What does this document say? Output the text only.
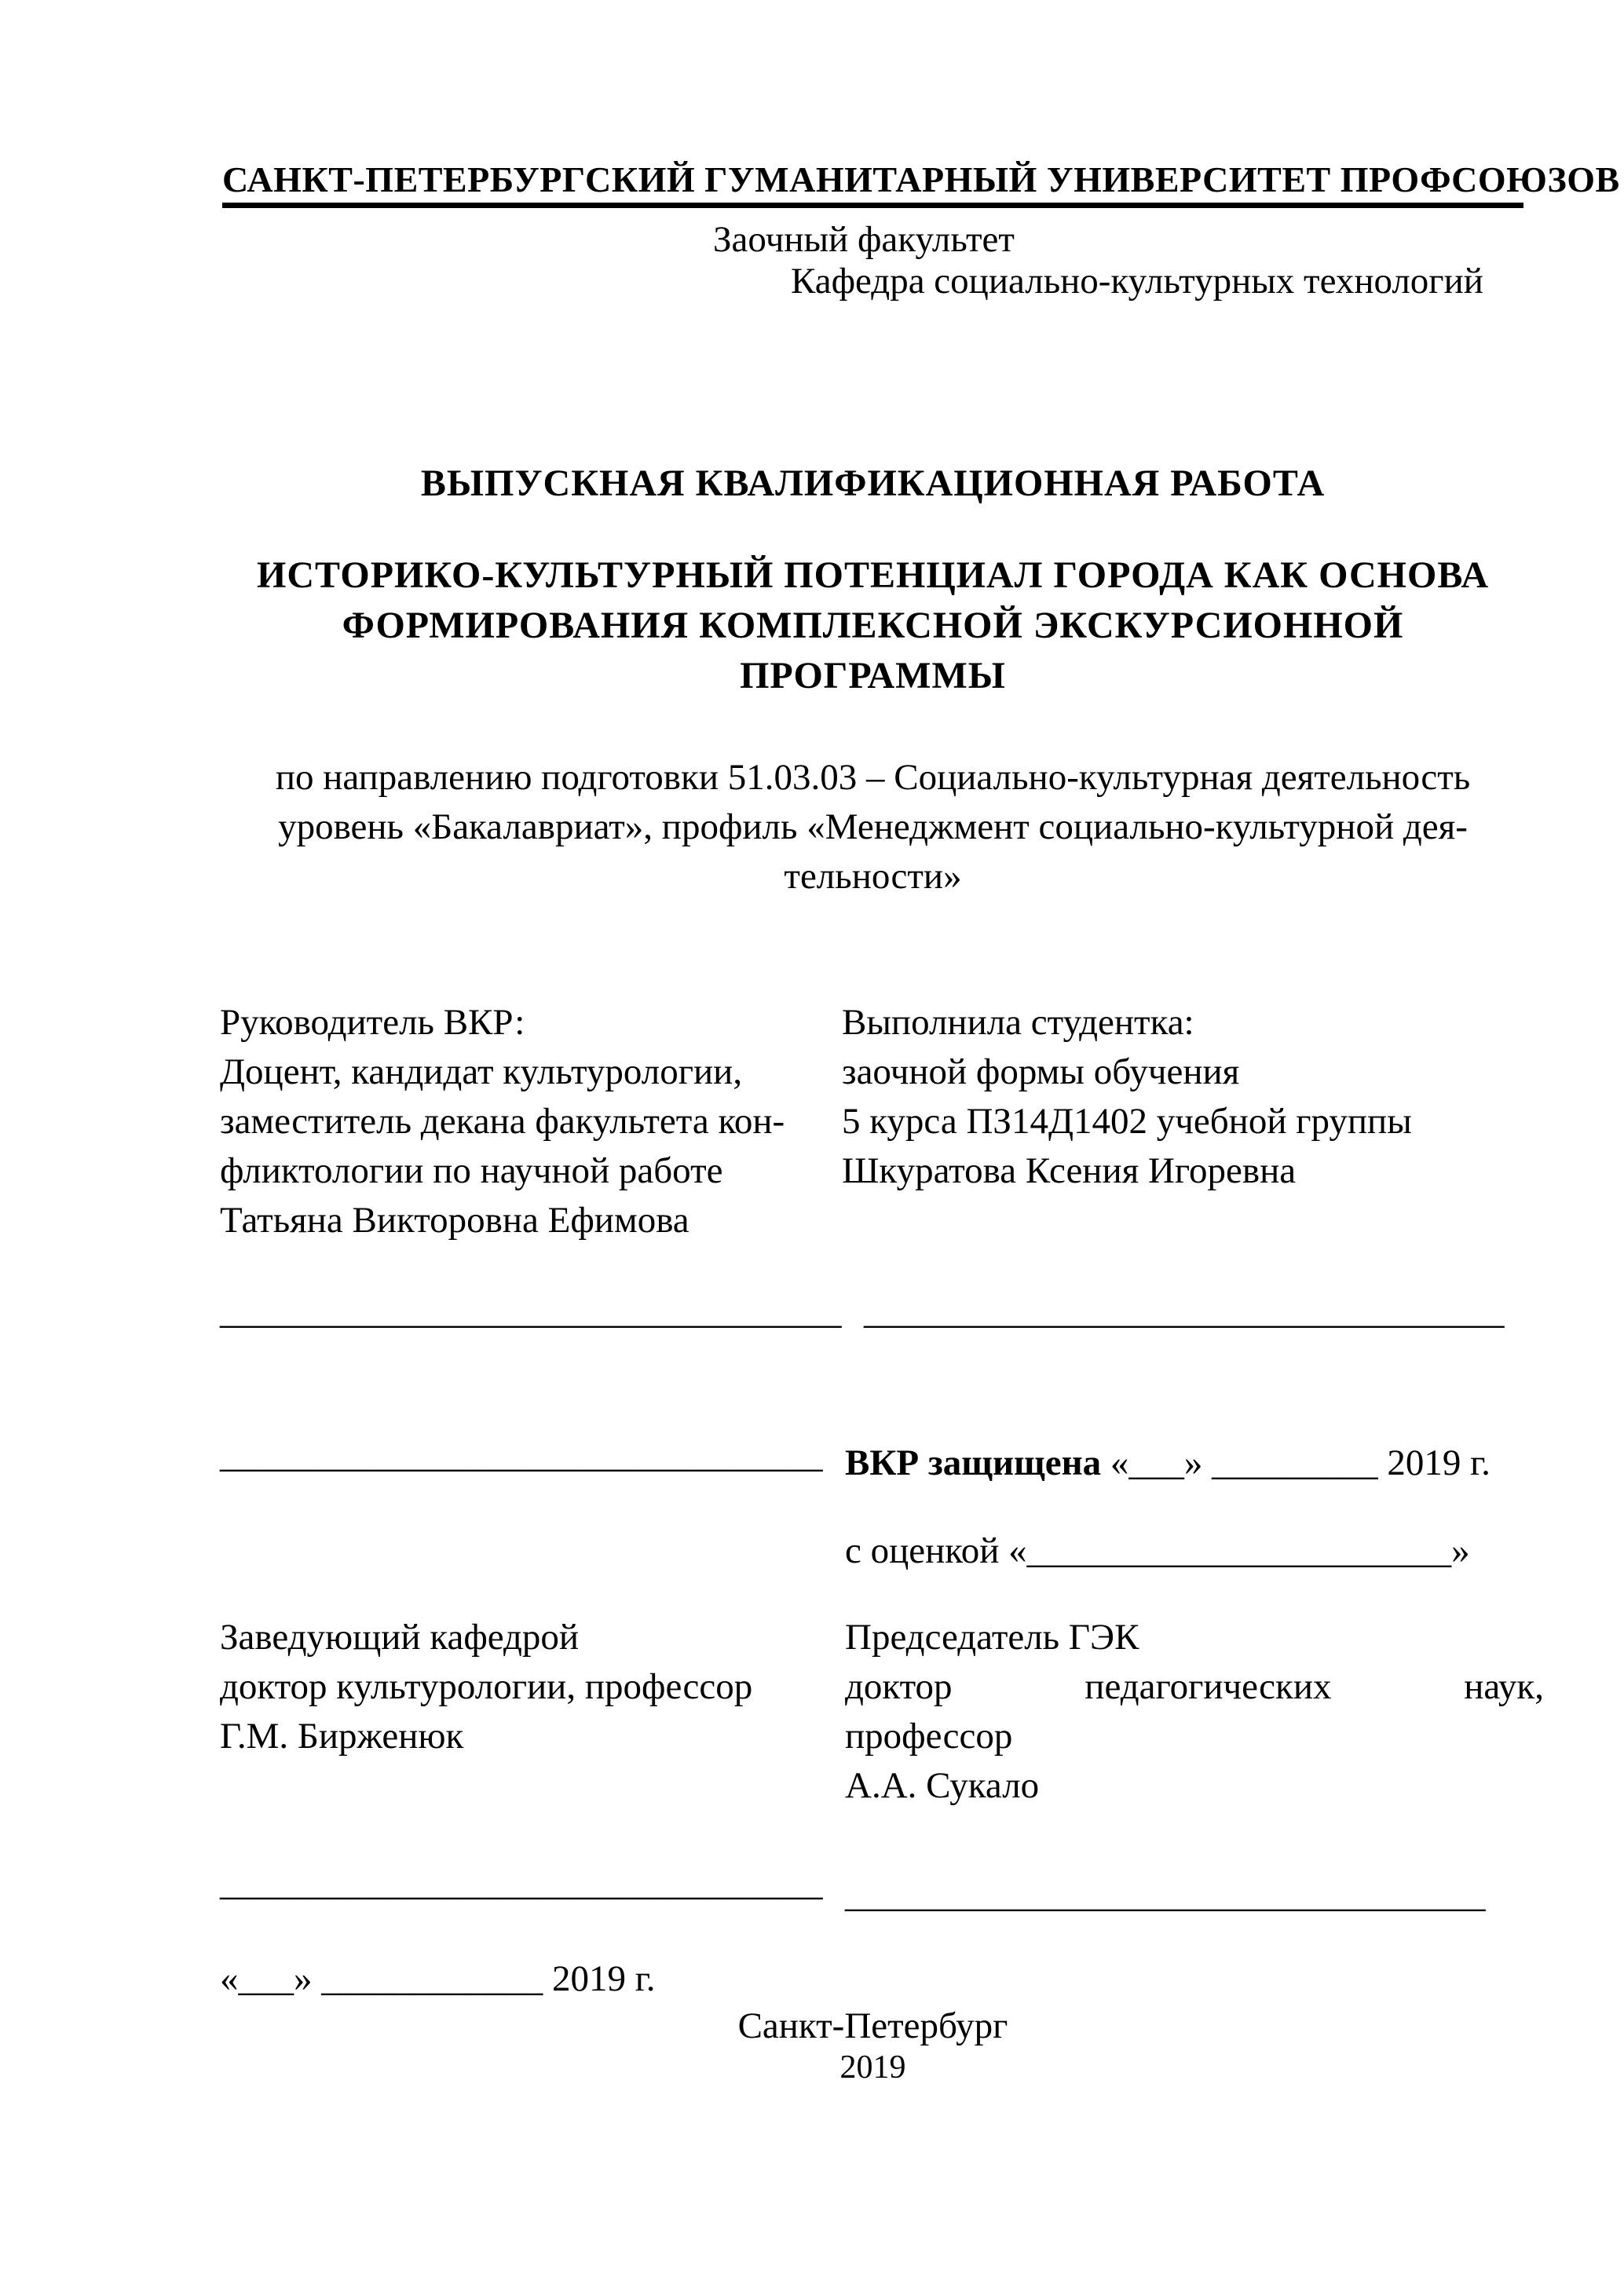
САНКТ-ПЕТЕРБУРГСКИЙ ГУМАНИТАРНЫЙ УНИВЕРСИТЕТ ПРОФСОЮЗОВ
Заочный факультет
Кафедра социально-культурных технологий
ВЫПУСКНАЯ КВАЛИФИКАЦИОННАЯ РАБОТА
ИСТОРИКО-КУЛЬТУРНЫЙ ПОТЕНЦИАЛ ГОРОДА КАК ОСНОВА
ФОРМИРОВАНИЯ КОМПЛЕКСНОЙ ЭКСКУРСИОННОЙ
ПРОГРАММЫ
по направлению подготовки 51.03.03 – Социально-культурная деятельность
уровень «Бакалавриат», профиль «Менеджмент социально-культурной дея-
тельности»
Руководитель ВКР:
Доцент, кандидат культурологии,
заместитель декана факультета кон-
фликтологии по научной работе
Татьяна Викторовна Ефимова
Выполнила студентка:
заочной формы обучения
5 курса ПЗ14Д1402 учебной группы
Шкуратова Ксения Игоревна
_________________________________ __________________________________
________________________________ ВКР защищена «___» _________ 2019 г.
с оценкой «_______________________»
Заведующий кафедрой
доктор культурологии, профессор
Г.М. Бирженюк
Председатель ГЭК
доктор педагогических наук,
профессор
А.А. Сукало
________________________________ __________________________________
«___» ____________ 2019 г.
Санкт-Петербург
2019
